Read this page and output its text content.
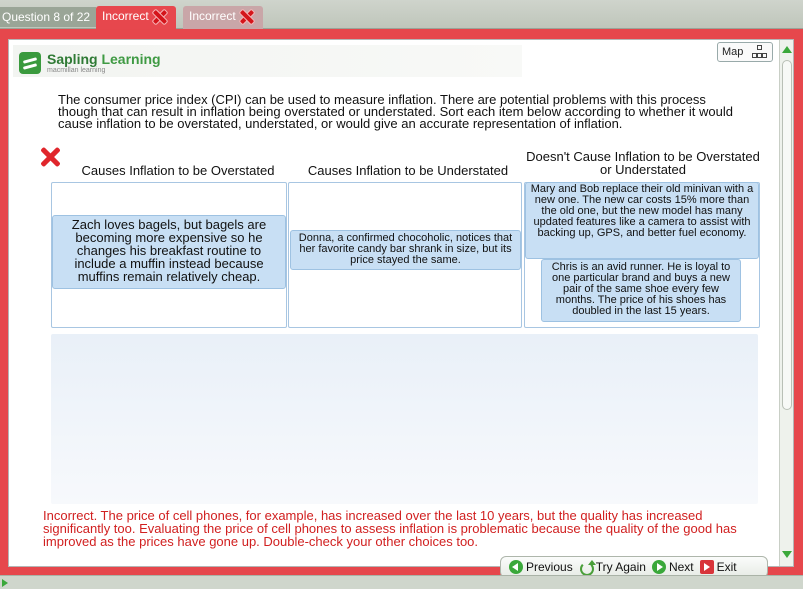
Question 8 of 22 Incorrect	Incorrect
Sapling Learning
macmillan learning
Map
The consumer price index (CPI) can be used to measure inflation. There are potential problems with this process though that can result in inflation being overstated or understated. Sort each item below according to whether it would cause inflation to be overstated, understated, or would give an accurate representation of inflation.
Causes Inflation to be Overstated	Causes Inflation to be Understated
Doesn't Cause Inflation to be Overstated or Understated
Zach loves bagels, but bagels are becoming more expensive so he changes his breakfast routine to include a muffin instead because muffins remain relatively cheap.
Donna, a confirmed chocoholic, notices that her favorite candy bar shrank in size, but its price stayed the same.
Mary and Bob replace their old minivan with a new one. The new car costs 15% more than the old one, but the new model has many updated features like a camera to assist with backing up, GPS, and better fuel economy.
Chris is an avid runner. He is loyal to one particular brand and buys a new pair of the same shoe every few months. The price of his shoes has doubled in the last 15 years.
Incorrect. The price of cell phones, for example, has increased over the last 10 years, but the quality has increased significantly too. Evaluating the price of cell phones to assess inflation is problematic because the quality of the good has improved as the prices have gone up. Double-check your other choices too.
Previous Try Again Next Exit
